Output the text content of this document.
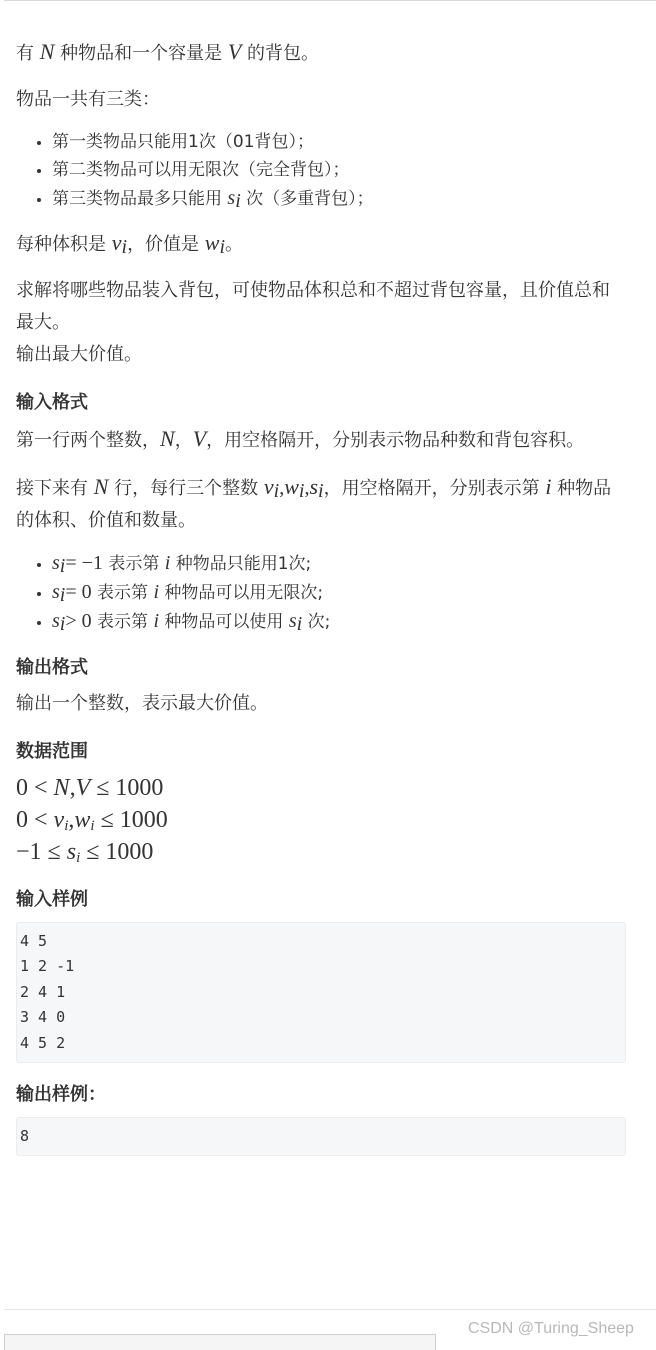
有 N 种物品和一个容量是 V 的背包。

物品一共有三类：

• 第一类物品只能用1次（01背包）；
• 第二类物品可以用无限次（完全背包）；
• 第三类物品最多只能用 $s_i$ 次（多重背包）；

每种体积是 $v_i$，价值是 $w_i$。

求解将哪些物品装入背包，可使物品体积总和不超过背包容量，且价值总和最大。

输出最大价值。

输入格式

第一行两个整数，N，V，用空格隔开，分别表示物品种数和背包容积。

接下来有 N 行，每行三个整数 $v_i,w_i,s_i$，用空格隔开，分别表示第 i 种物品的体积、价值和数量。

• $s_i= -1$ 表示第 i 种物品只能用1次;
• $s_i= 0$ 表示第 i 种物品可以用无限次;
• $s_i> 0$ 表示第 i 种物品可以使用 $s_i$ 次;
输出格式

输出一个整数，表示最大价值。

数据范围
0 < N,V ≤ 1000
$0 < v_i,w_i \le 1000$
$-1 \le s_i \le 1000$
输入样例
4 5
1 2 -1
2 4 1
3 4 0
4 5 2
输出样例：
8
CSDN @Turing_Sheep
